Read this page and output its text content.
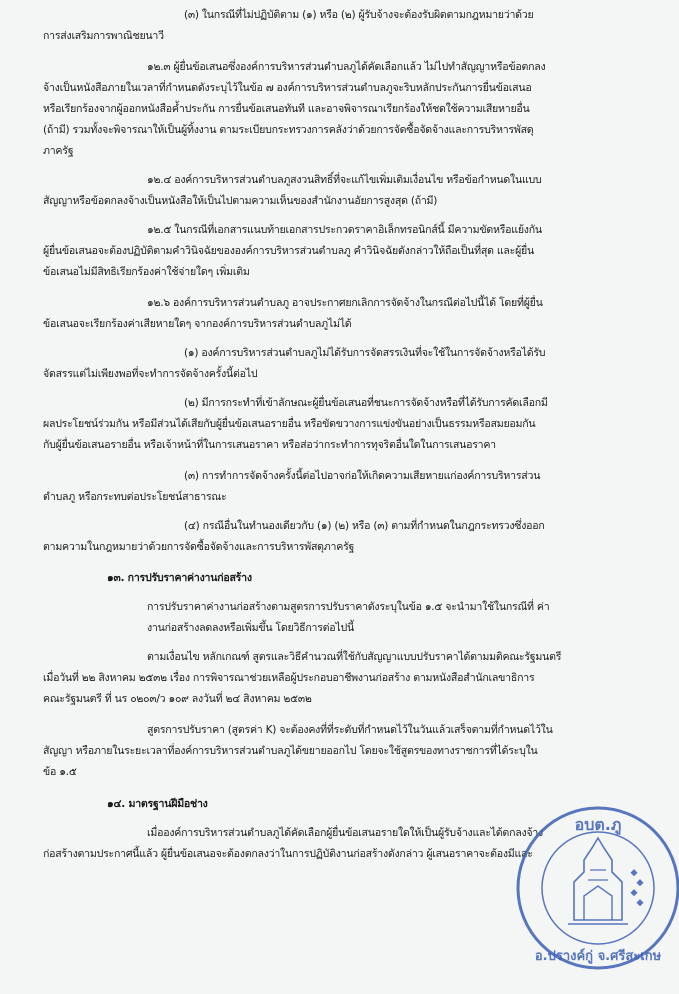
(๓) ในกรณีที่ไม่ปฏิบัติตาม (๑) หรือ (๒) ผู้รับจ้างจะต้องรับผิดตามกฎหมายว่าด้วย
การส่งเสริมการพาณิชยนาวี
๑๒.๓ ผู้ยื่นข้อเสนอซึ่งองค์การบริหารส่วนตำบลภูได้คัดเลือกแล้ว ไม่ไปทำสัญญาหรือข้อตกลง
จ้างเป็นหนังสือภายในเวลาที่กำหนดดังระบุไว้ในข้อ ๗ องค์การบริหารส่วนตำบลภูจะริบหลักประกันการยื่นข้อเสนอ
หรือเรียกร้องจากผู้ออกหนังสือค้ำประกัน การยื่นข้อเสนอทันที และอาจพิจารณาเรียกร้องให้ชดใช้ความเสียหายอื่น
(ถ้ามี) รวมทั้งจะพิจารณาให้เป็นผู้ทิ้งงาน ตามระเบียบกระทรวงการคลังว่าด้วยการจัดซื้อจัดจ้างและการบริหารพัสดุ
ภาครัฐ
๑๒.๔ องค์การบริหารส่วนตำบลภูสงวนสิทธิ์ที่จะแก้ไขเพิ่มเติมเงื่อนไข หรือข้อกำหนดในแบบ
สัญญาหรือข้อตกลงจ้างเป็นหนังสือให้เป็นไปตามความเห็นของสำนักงานอัยการสูงสุด (ถ้ามี)
๑๒.๕ ในกรณีที่เอกสารแนบท้ายเอกสารประกวดราคาอิเล็กทรอนิกส์นี้ มีความขัดหรือแย้งกัน
ผู้ยื่นข้อเสนอจะต้องปฏิบัติตามคำวินิจฉัยขององค์การบริหารส่วนตำบลภู คำวินิจฉัยดังกล่าวให้ถือเป็นที่สุด และผู้ยื่น
ข้อเสนอไม่มีสิทธิเรียกร้องค่าใช้จ่ายใดๆ เพิ่มเติม
๑๒.๖ องค์การบริหารส่วนตำบลภู อาจประกาศยกเลิกการจัดจ้างในกรณีต่อไปนี้ได้ โดยที่ผู้ยื่น
ข้อเสนอจะเรียกร้องค่าเสียหายใดๆ จากองค์การบริหารส่วนตำบลภูไม่ได้
(๑) องค์การบริหารส่วนตำบลภูไม่ได้รับการจัดสรรเงินที่จะใช้ในการจัดจ้างหรือได้รับ
จัดสรรแต่ไม่เพียงพอที่จะทำการจัดจ้างครั้งนี้ต่อไป
(๒) มีการกระทำที่เข้าลักษณะผู้ยื่นข้อเสนอที่ชนะการจัดจ้างหรือที่ได้รับการคัดเลือกมี
ผลประโยชน์ร่วมกัน หรือมีส่วนได้เสียกับผู้ยื่นข้อเสนอรายอื่น หรือขัดขวางการแข่งขันอย่างเป็นธรรมหรือสมยอมกัน
กับผู้ยื่นข้อเสนอรายอื่น หรือเจ้าหน้าที่ในการเสนอราคา หรือส่อว่ากระทำการทุจริตอื่นใดในการเสนอราคา
(๓) การทำการจัดจ้างครั้งนี้ต่อไปอาจก่อให้เกิดความเสียหายแก่องค์การบริหารส่วน
ตำบลภู หรือกระทบต่อประโยชน์สาธารณะ
(๔) กรณีอื่นในทำนองเดียวกับ (๑) (๒) หรือ (๓) ตามที่กำหนดในกฎกระทรวงซึ่งออก
ตามความในกฎหมายว่าด้วยการจัดซื้อจัดจ้างและการบริหารพัสดุภาครัฐ
๑๓. การปรับราคาค่างานก่อสร้าง
การปรับราคาค่างานก่อสร้างตามสูตรการปรับราคาดังระบุในข้อ ๑.๕ จะนำมาใช้ในกรณีที่ ค่า
งานก่อสร้างลดลงหรือเพิ่มขึ้น โดยวิธีการต่อไปนี้
ตามเงื่อนไข หลักเกณฑ์ สูตรและวิธีคำนวณที่ใช้กับสัญญาแบบปรับราคาได้ตามมติคณะรัฐมนตรี
เมื่อวันที่ ๒๒ สิงหาคม ๒๕๓๒ เรื่อง การพิจารณาช่วยเหลือผู้ประกอบอาชีพงานก่อสร้าง ตามหนังสือสำนักเลขาธิการ
คณะรัฐมนตรี ที่ นร ๐๒๐๓/ว ๑๐๙ ลงวันที่ ๒๔ สิงหาคม ๒๕๓๒
สูตรการปรับราคา (สูตรค่า K) จะต้องคงที่ที่ระดับที่กำหนดไว้ในวันแล้วเสร็จตามที่กำหนดไว้ใน
สัญญา หรือภายในระยะเวลาที่องค์การบริหารส่วนตำบลภูได้ขยายออกไป โดยจะใช้สูตรของทางราชการที่ได้ระบุใน
ข้อ ๑.๕
๑๔. มาตรฐานฝีมือช่าง
เมื่อองค์การบริหารส่วนตำบลภูได้คัดเลือกผู้ยื่นข้อเสนอรายใดให้เป็นผู้รับจ้างและได้ตกลงจ้าง
ก่อสร้างตามประกาศนี้แล้ว ผู้ยื่นข้อเสนอจะต้องตกลงว่าในการปฏิบัติงานก่อสร้างดังกล่าว ผู้เสนอราคาจะต้องมีและ
อบต.ภู
อ.ปรางค์กู่ จ.ศรีสะเกษ
